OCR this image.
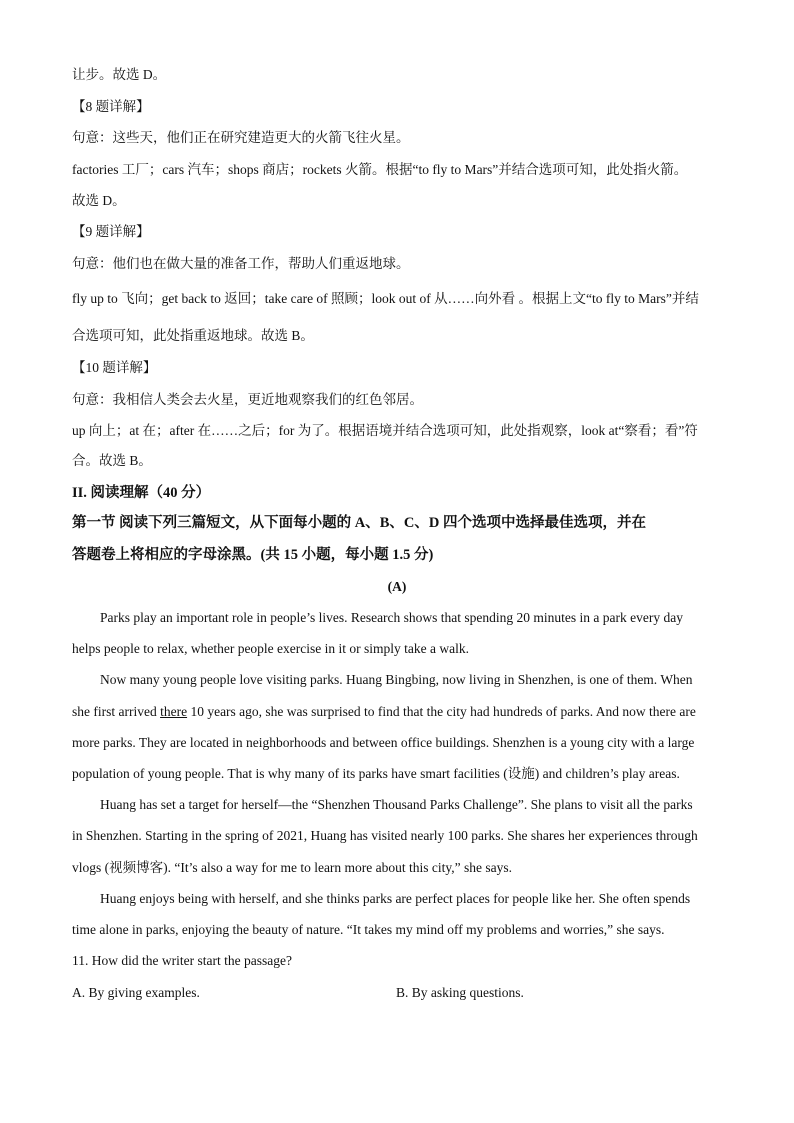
让步。故选 D。
【8 题详解】
句意：这些天，他们正在研究建造更大的火箭飞往火星。
factories 工厂；cars 汽车；shops 商店；rockets 火箭。根据“to fly to Mars”并结合选项可知，此处指火箭。
故选 D。
【9 题详解】
句意：他们也在做大量的准备工作，帮助人们重返地球。
fly up to 飞向；get back to 返回；take care of 照顾；look out of 从……向外看 。根据上文“to fly to Mars”并结
合选项可知，此处指重返地球。故选 B。
【10 题详解】
句意：我相信人类会去火星，更近地观察我们的红色邻居。
up 向上；at 在；after 在……之后；for 为了。根据语境并结合选项可知，此处指观察，look at“察看；看”符
合。故选 B。
II. 阅读理解（40 分）
第一节 阅读下列三篇短文，从下面每小题的 A、B、C、D 四个选项中选择最佳选项，并在
答题卷上将相应的字母涂黑。(共 15 小题，每小题 1.5 分)
(A)
Parks play an important role in people’s lives. Research shows that spending 20 minutes in a park every day
helps people to relax, whether people exercise in it or simply take a walk.
Now many young people love visiting parks. Huang Bingbing, now living in Shenzhen, is one of them. When
she first arrived there 10 years ago, she was surprised to find that the city had hundreds of parks. And now there are
more parks. They are located in neighborhoods and between office buildings. Shenzhen is a young city with a large
population of young people. That is why many of its parks have smart facilities (设施) and children’s play areas.
Huang has set a target for herself—the “Shenzhen Thousand Parks Challenge”. She plans to visit all the parks
in Shenzhen. Starting in the spring of 2021, Huang has visited nearly 100 parks. She shares her experiences through
vlogs (视频博客). “It’s also a way for me to learn more about this city,” she says.
Huang enjoys being with herself, and she thinks parks are perfect places for people like her. She often spends
time alone in parks, enjoying the beauty of nature. “It takes my mind off my problems and worries,” she says.
11. How did the writer start the passage?
A. By giving examples.	B. By asking questions.
